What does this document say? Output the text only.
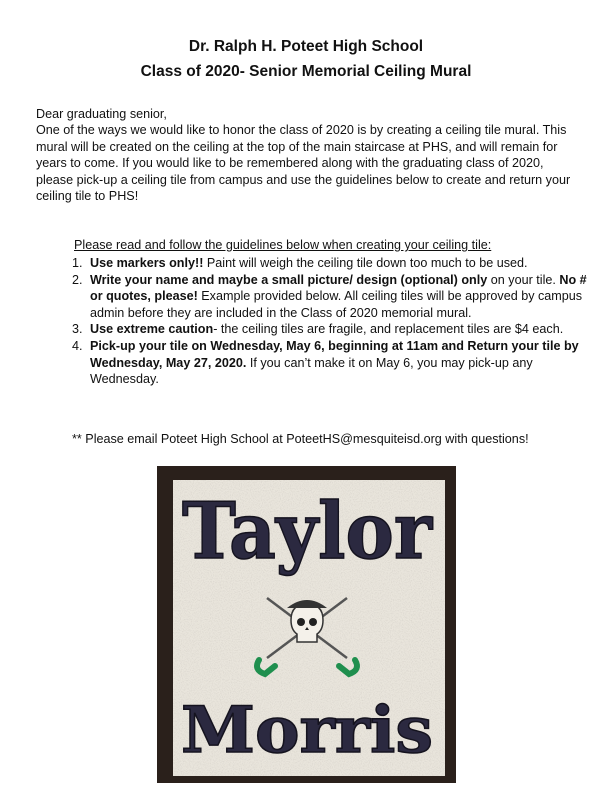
Dr. Ralph H. Poteet High School
Class of 2020- Senior Memorial Ceiling Mural

Dear graduating senior,

One of the ways we would like to honor the class of 2020 is by creating a ceiling tile mural. This mural will be created on the ceiling at the top of the main staircase at PHS, and will remain for years to come. If you would like to be remembered along with the graduating class of 2020, please pick-up a ceiling tile from campus and use the guidelines below to create and return your ceiling tile to PHS!

Please read and follow the guidelines below when creating your ceiling tile:

1. Use markers only!! Paint will weigh the ceiling tile down too much to be used.
2. Write your name and maybe a small picture/ design (optional) only on your tile. No # or quotes, please! Example provided below. All ceiling tiles will be approved by campus admin before they are included in the Class of 2020 memorial mural.
3. Use extreme caution- the ceiling tiles are fragile, and replacement tiles are $4 each.
4. Pick-up your tile on Wednesday, May 6, beginning at 11am and Return your tile by Wednesday, May 27, 2020. If you can’t make it on May 6, you may pick-up any Wednesday.

** Please email Poteet High School at PoteetHS@mesquiteisd.org with questions!

Taylor
Morris
